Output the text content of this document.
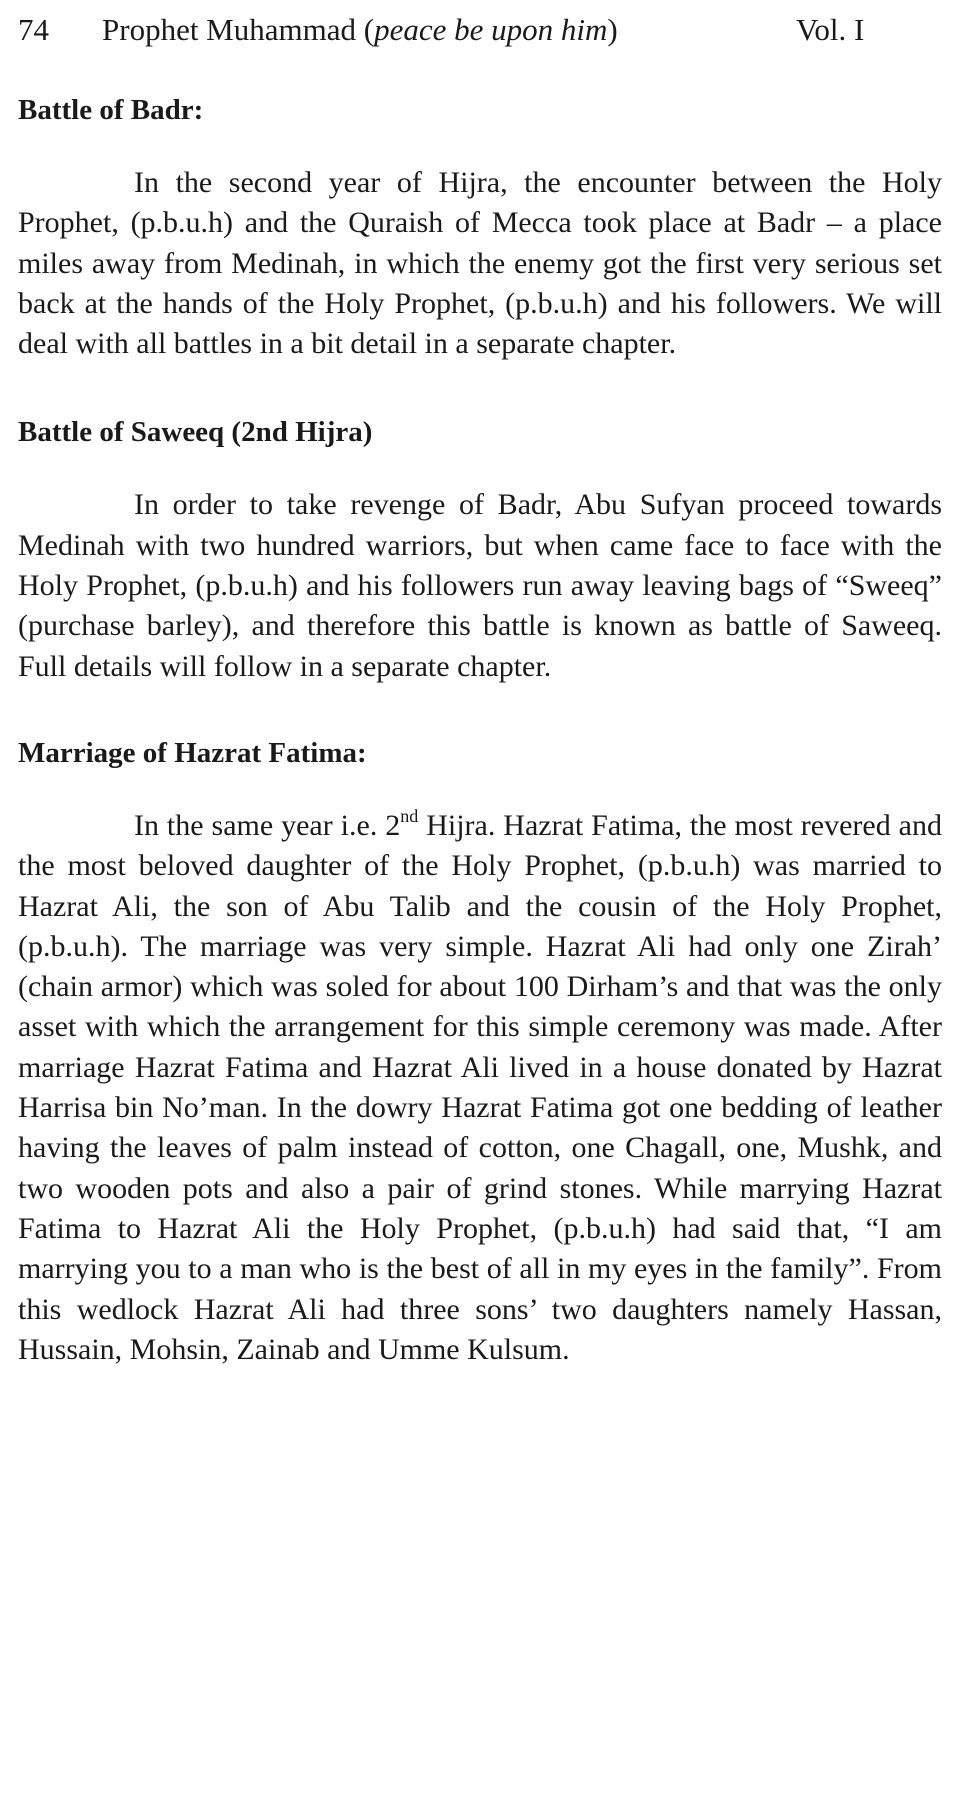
74 Prophet Muhammad (peace be upon him)	Vol. I
Battle of Badr:

In the second year of Hijra, the encounter between the Holy Prophet, (p.b.u.h) and the Quraish of Mecca took place at Badr – a place miles away from Medinah, in which the enemy got the first very serious set back at the hands of the Holy Prophet, (p.b.u.h) and his followers. We will deal with all battles in a bit detail in a separate chapter.

Battle of Saweeq (2nd Hijra)

In order to take revenge of Badr, Abu Sufyan proceed towards Medinah with two hundred warriors, but when came face to face with the Holy Prophet, (p.b.u.h) and his followers run away leaving bags of “Sweeq” (purchase barley), and therefore this battle is known as battle of Saweeq. Full details will follow in a separate chapter.

Marriage of Hazrat Fatima:

In the same year i.e. 2nd Hijra. Hazrat Fatima, the most revered and the most beloved daughter of the Holy Prophet, (p.b.u.h) was married to Hazrat Ali, the son of Abu Talib and the cousin of the Holy Prophet, (p.b.u.h). The marriage was very simple. Hazrat Ali had only one Zirah’ (chain armor) which was soled for about 100 Dirham’s and that was the only asset with which the arrangement for this simple ceremony was made. After marriage Hazrat Fatima and Hazrat Ali lived in a house donated by Hazrat Harrisa bin No’man. In the dowry Hazrat Fatima got one bedding of leather having the leaves of palm instead of cotton, one Chagall, one, Mushk, and two wooden pots and also a pair of grind stones. While marrying Hazrat Fatima to Hazrat Ali the Holy Prophet, (p.b.u.h) had said that, “I am marrying you to a man who is the best of all in my eyes in the family”. From this wedlock Hazrat Ali had three sons’ two daughters namely Hassan, Hussain, Mohsin, Zainab and Umme Kulsum.
